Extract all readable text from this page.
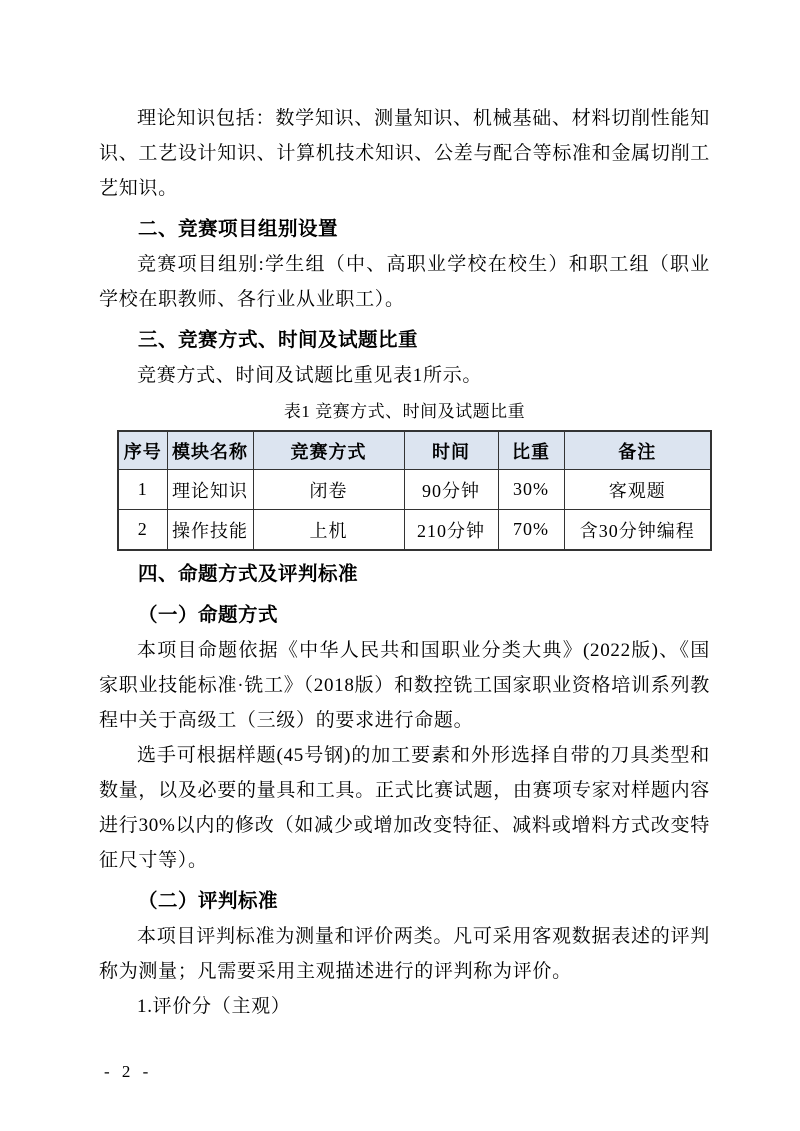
理论知识包括：数学知识、测量知识、机械基础、材料切削性能知识、工艺设计知识、计算机技术知识、公差与配合等标准和金属切削工艺知识。

二、竞赛项目组别设置

竞赛项目组别:学生组（中、高职业学校在校生）和职工组（职业学校在职教师、各行业从业职工）。

三、竞赛方式、时间及试题比重

竞赛方式、时间及试题比重见表1所示。

表1 竞赛方式、时间及试题比重

序号	模块名称	竞赛方式	时间	比重	备注
1	理论知识	闭卷	90分钟	30%	客观题
2	操作技能	上机	210分钟	70%	含30分钟编程
四、命题方式及评判标准
（一）命题方式

本项目命题依据《中华人民共和国职业分类大典》(2022版)、《国家职业技能标准·铣工》（2018版）和数控铣工国家职业资格培训系列教程中关于高级工（三级）的要求进行命题。

选手可根据样题(45号钢)的加工要素和外形选择自带的刀具类型和数量，以及必要的量具和工具。正式比赛试题，由赛项专家对样题内容进行30%以内的修改（如减少或增加改变特征、减料或增料方式改变特征尺寸等）。

（二）评判标准

本项目评判标准为测量和评价两类。凡可采用客观数据表述的评判称为测量；凡需要采用主观描述进行的评判称为评价。

1.评价分（主观）

- 2 -
